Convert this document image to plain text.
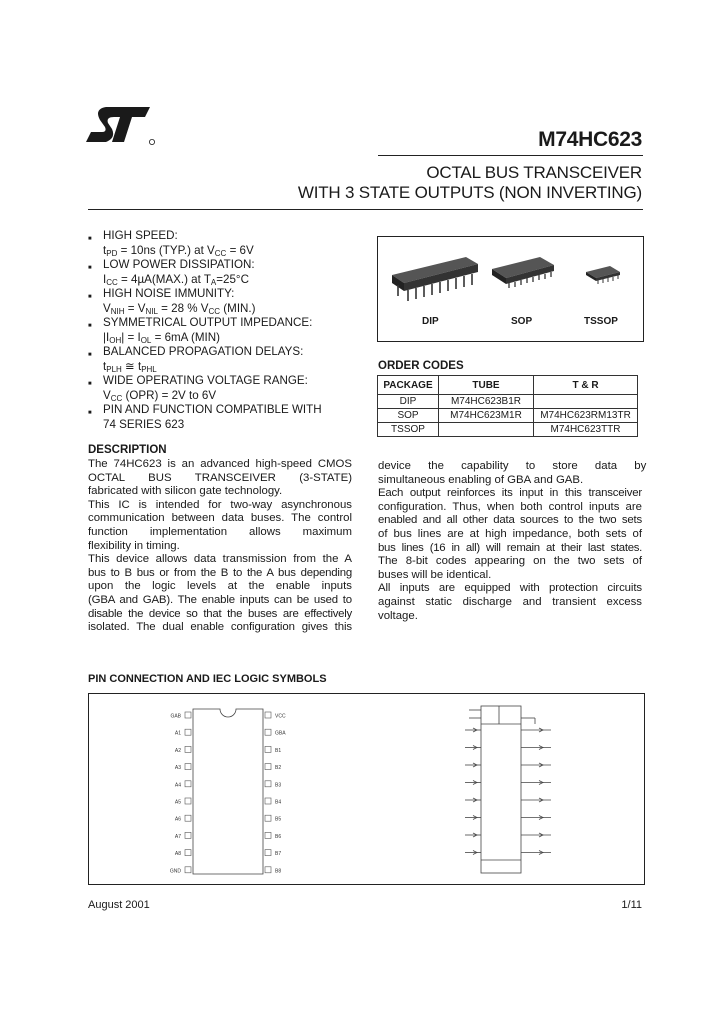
M74HC623
OCTAL BUS TRANSCEIVER
WITH 3 STATE OUTPUTS (NON INVERTING)
■ HIGH SPEED:
$t_{PD} = 10ns$ (TYP.) at $V_{CC} = 6V$
■ LOW POWER DISSIPATION:
$I_{CC} = 4\mu A(MAX.)$ at $T_A=25^\circ C$
■ HIGH NOISE IMMUNITY:
$V_{NIH} = V_{NIL} = 28$ % $V_{CC}$ (MIN.)
■ SYMMETRICAL OUTPUT IMPEDANCE:
$|I_{OH}| = I_{OL} = 6mA$ (MIN)
■ BALANCED PROPAGATION DELAYS:
$t_{PLH}$ ≅ $t_{PHL}$
■ WIDE OPERATING VOLTAGE RANGE:
$V_{CC}$ (OPR) = 2V to 6V
■ PIN AND FUNCTION COMPATIBLE WITH
74 SERIES 623
DIP	SOP	TSSOP
ORDER CODES
PACKAGE	TUBE	T & R
DIP	M74HC623B1R	
SOP	M74HC623M1R	M74HC623RM13TR
TSSOP		M74HC623TTR
DESCRIPTION
The 74HC623 is an advanced high-speed CMOS
OCTAL BUS TRANSCEIVER (3-STATE)
fabricated with silicon gate technology.
This IC is intended for two-way asynchronous
communication between data buses. The control
function implementation allows maximum
flexibility in timing.
This device allows data transmission from the A
bus to B bus or from the B to the A bus depending
upon the logic levels at the enable inputs
(GBA and GAB). The enable inputs can be used to
disable the device so that the buses are effectively
isolated. The dual enable configuration gives this
device the capability to store data by
simultaneous enabling of GBA and GAB.
Each output reinforces its input in this transceiver
configuration. Thus, when both control inputs are
enabled and all other data sources to the two sets
of bus lines are at high impedance, both sets of
bus lines (16 in all) will remain at their last states.
The 8-bit codes appearing on the two sets of
buses will be identical.
All inputs are equipped with protection circuits
against static discharge and transient excess
voltage.
PIN CONNECTION AND IEC LOGIC SYMBOLS
GAB
A1
A2
A3
A4
A5
A6
A7
A8
GND
VCC
GBA
B1
B2
B3
B4
B5
B6
B7
B8
August 2001	1/11
